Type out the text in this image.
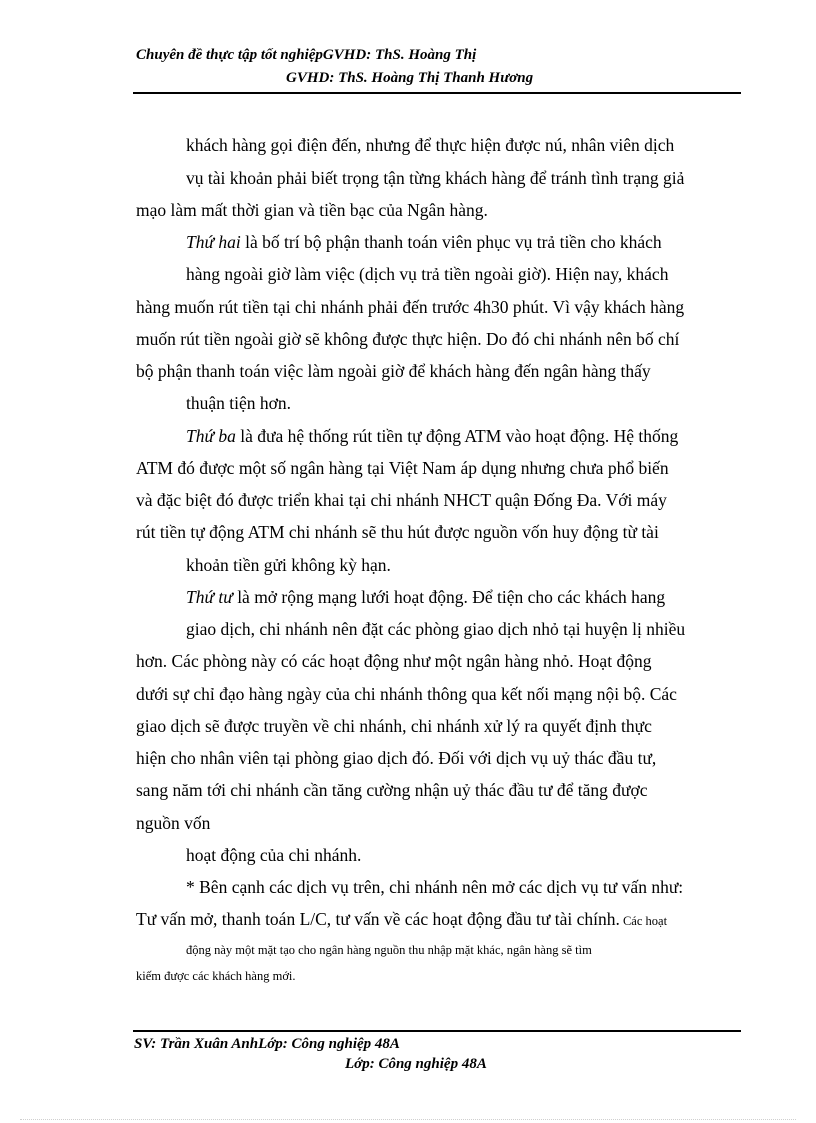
Chuyên đề thực tập tốt nghiệpGVHD: ThS. Hoàng Thị
GVHD: ThS. Hoàng Thị Thanh Hương
khách hàng gọi điện đến, nhưng để thực hiện được nú, nhân viên dịch
vụ tài khoản phải biết trọng tận từng khách hàng để tránh tình trạng giả
mạo làm mất thời gian và tiền bạc của Ngân hàng.
Thứ hai là bố trí bộ phận thanh toán viên phục vụ trả tiền cho khách
hàng ngoài giờ làm việc (dịch vụ trả tiền ngoài giờ). Hiện nay, khách
hàng muốn rút tiền tại chi nhánh phải đến trước 4h30 phút. Vì vậy khách hàng
muốn rút tiền ngoài giờ sẽ không được thực hiện. Do đó chi nhánh nên bố chí
bộ phận thanh toán việc làm ngoài giờ để khách hàng đến ngân hàng thấy
thuận tiện hơn.
Thứ ba là đưa hệ thống rút tiền tự động ATM vào hoạt động. Hệ thống
ATM đó được một số ngân hàng tại Việt Nam áp dụng nhưng chưa phổ biến
và đặc biệt đó được triển khai tại chi nhánh NHCT quận Đống Đa. Với máy
rút tiền tự động ATM chi nhánh sẽ thu hút được nguồn vốn huy động từ tài
khoản tiền gửi không kỳ hạn.
Thứ tư là mở rộng mạng lưới hoạt động. Để tiện cho các khách hang
giao dịch, chi nhánh nên đặt các phòng giao dịch nhỏ tại huyện lị nhiều
hơn. Các phòng này có các hoạt động như một ngân hàng nhỏ. Hoạt động
dưới sự chỉ đạo hàng ngày của chi nhánh thông qua kết nối mạng nội bộ. Các
giao dịch sẽ được truyền về chi nhánh, chi nhánh xử lý ra quyết định thực
hiện cho nhân viên tại phòng giao dịch đó. Đối với dịch vụ uỷ thác đầu tư,
sang năm tới chi nhánh cần tăng cường nhận uỷ thác đầu tư để tăng được
nguồn vốn
hoạt động của chi nhánh.
* Bên cạnh các dịch vụ trên, chi nhánh nên mở các dịch vụ tư vấn như:
Tư vấn mở, thanh toán L/C, tư vấn về các hoạt động đầu tư tài chính. Các hoạt
động này một mặt tạo cho ngân hàng nguồn thu nhập mặt khác, ngân hàng sẽ tìm
kiếm được các khách hàng mới.
SV: Trần Xuân AnhLớp: Công nghiệp 48A
Lớp: Công nghiệp 48A
